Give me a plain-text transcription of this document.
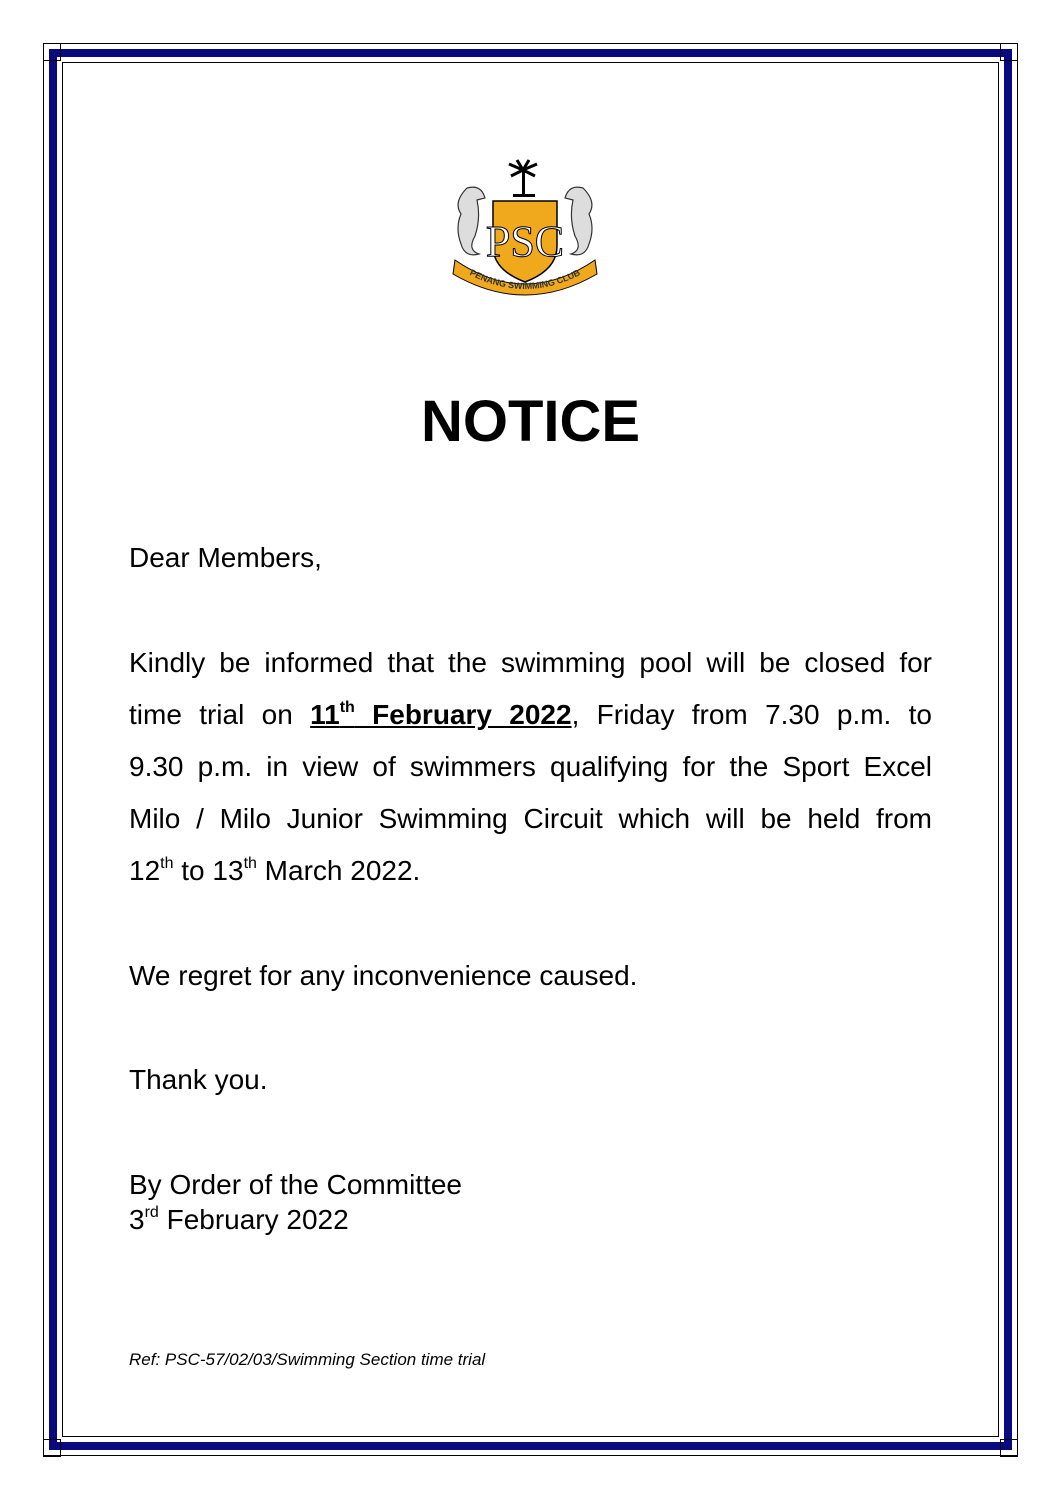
PSC
PENANG SWIMMING CLUB
NOTICE
Dear Members,
Kindly be informed that the swimming pool will be closed for
time trial on 11th February 2022, Friday from 7.30 p.m. to
9.30 p.m. in view of swimmers qualifying for the Sport Excel
Milo / Milo Junior Swimming Circuit which will be held from
12th to 13th March 2022.
We regret for any inconvenience caused.
Thank you.
By Order of the Committee
3rd February 2022
Ref: PSC-57/02/03/Swimming Section time trial
